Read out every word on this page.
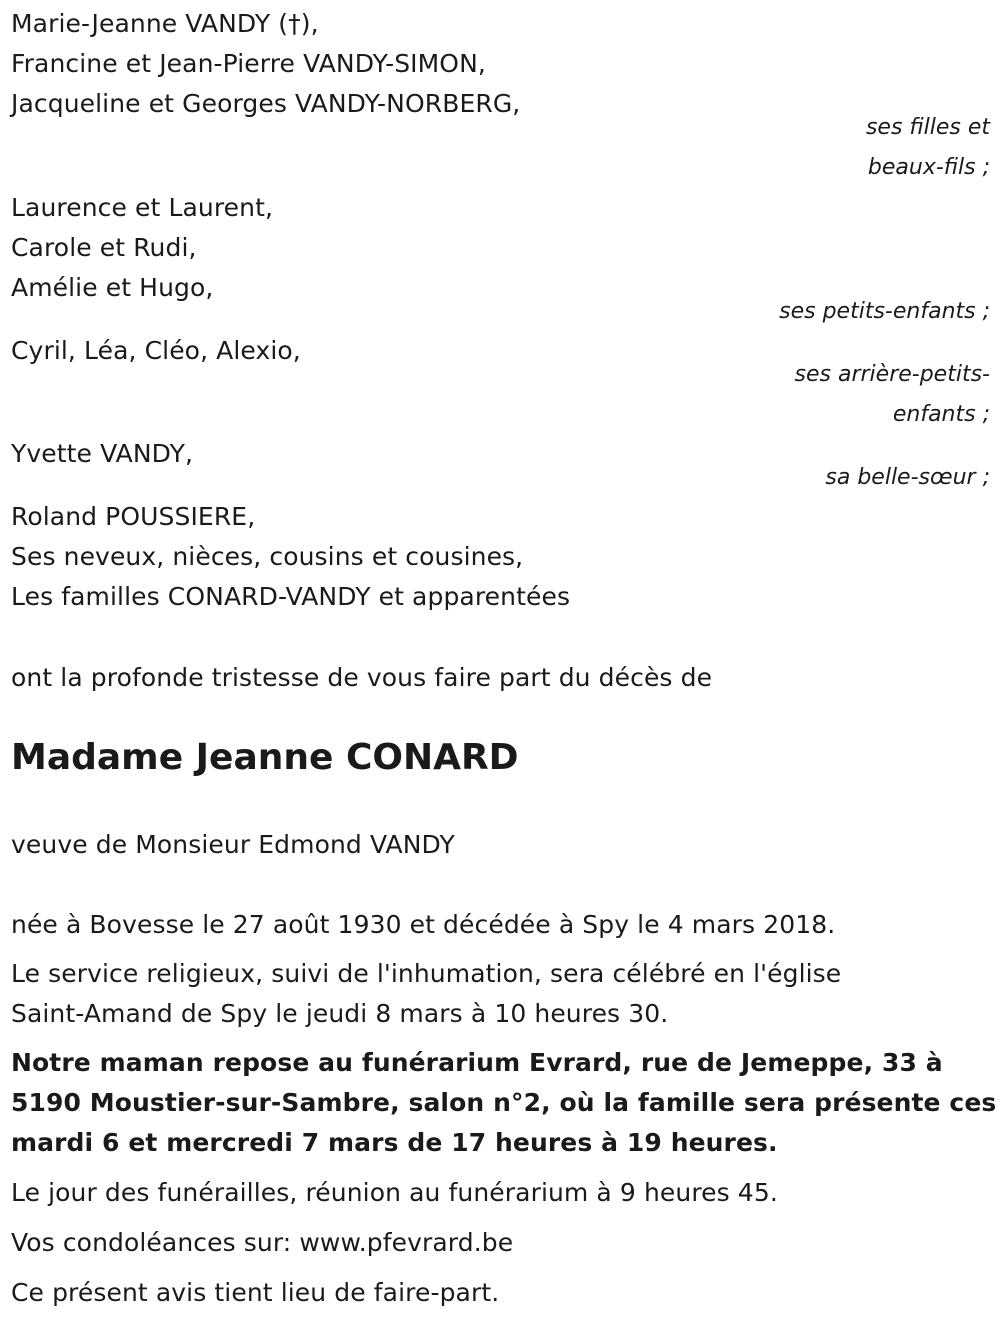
Marie-Jeanne VANDY (†),
Francine et Jean-Pierre VANDY-SIMON,
Jacqueline et Georges VANDY-NORBERG,
ses filles et
beaux-fils ;
Laurence et Laurent,
Carole et Rudi,
Amélie et Hugo,
ses petits-enfants ;
Cyril, Léa, Cléo, Alexio,
ses arrière-petits-
enfants ;
Yvette VANDY,
sa belle-sœur ;
Roland POUSSIERE,
Ses neveux, nièces, cousins et cousines,
Les familles CONARD-VANDY et apparentées
ont la profonde tristesse de vous faire part du décès de
Madame Jeanne CONARD
veuve de Monsieur Edmond VANDY
née à Bovesse le 27 août 1930 et décédée à Spy le 4 mars 2018.
Le service religieux, suivi de l'inhumation, sera célébré en l'église
Saint-Amand de Spy le jeudi 8 mars à 10 heures 30.
Notre maman repose au funérarium Evrard, rue de Jemeppe, 33 à
5190 Moustier-sur-Sambre, salon n°2, où la famille sera présente ces
mardi 6 et mercredi 7 mars de 17 heures à 19 heures.
Le jour des funérailles, réunion au funérarium à 9 heures 45.
Vos condoléances sur: www.pfevrard.be
Ce présent avis tient lieu de faire-part.
